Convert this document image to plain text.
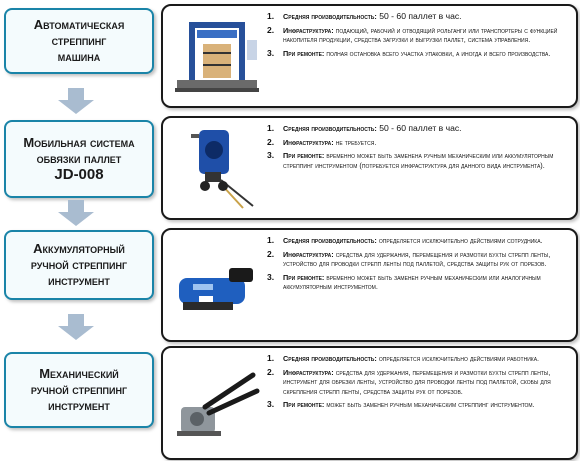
Автоматическая
стреппинг
машина
1. Средняя производительность: 50 - 60 паллет в час.
2. Инфраструктура: подающий, рабочий и отводящий рольганги или транспортеры с функцией накопителя продукции, средства загрузки и выгрузки паллет, система управления.
3. При ремонте: полная остановка всего участка упаковки, а иногда и всего производства.
Мобильная система
обвязки паллет
JD-008
1. Средняя производительность: 50 - 60 паллет в час.
2. Инфраструктура: не требуется.
3. При ремонте: временно может быть заменена ручным механическим или аккумуляторным стреппинг инструментом (потребуется инфраструктура для данного вида инструмента).
Аккумуляторный
ручной стреппинг
инструмент
1. Средняя производительность: определяется исключительно действиями сотрудника.
2. Инфраструктура: средства для удержания, перемещения и размотки бухты стрепп ленты, устройство для проводки стрепп ленты под паллетой, средства защиты рук от порезов.
3. При ремонте: временно может быть заменен ручным механическим или аналогичным аккумуляторным инструментом.
Механический
ручной стреппинг
инструмент
1. Средняя производительность: определяется исключительно действиями работника.
2. Инфраструктура: средства для удержания, перемещения и размотки бухты стрепп ленты, инструмент для обрезки ленты, устройство для проводки ленты под паллетой, скобы для скрепления стрепп ленты, средства защиты рук от порезов.
3. При ремонте: может быть заменен ручным механическим стреппинг инструментом.
